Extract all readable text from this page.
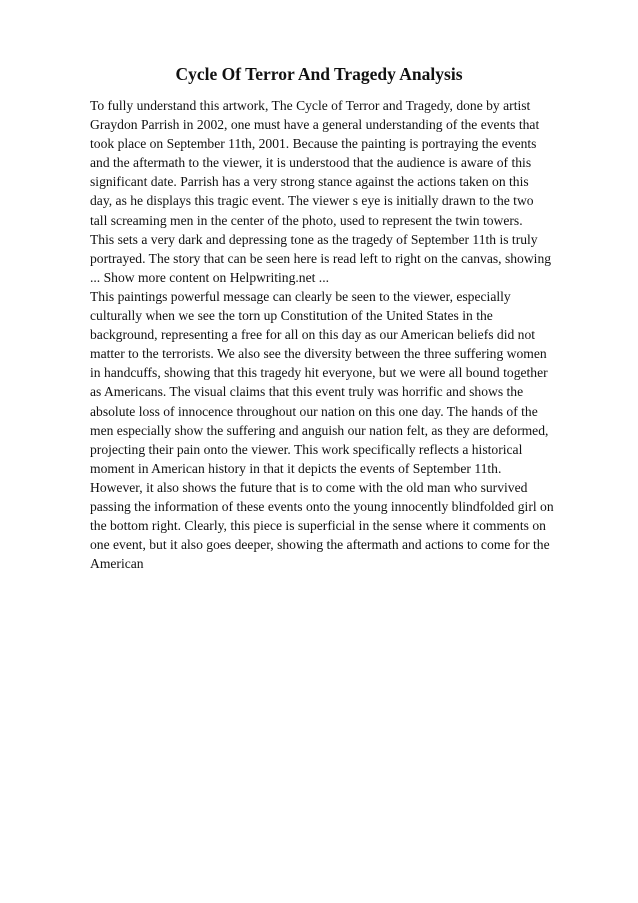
Cycle Of Terror And Tragedy Analysis
To fully understand this artwork, The Cycle of Terror and Tragedy, done by artist
Graydon Parrish in 2002, one must have a general understanding of the events that
took place on September 11th, 2001. Because the painting is portraying the events
and the aftermath to the viewer, it is understood that the audience is aware of this
significant date. Parrish has a very strong stance against the actions taken on this
day, as he displays this tragic event. The viewer s eye is initially drawn to the two
tall screaming men in the center of the photo, used to represent the twin towers.
This sets a very dark and depressing tone as the tragedy of September 11th is truly
portrayed. The story that can be seen here is read left to right on the canvas, showing
... Show more content on Helpwriting.net ...
This paintings powerful message can clearly be seen to the viewer, especially
culturally when we see the torn up Constitution of the United States in the
background, representing a free for all on this day as our American beliefs did not
matter to the terrorists. We also see the diversity between the three suffering women
in handcuffs, showing that this tragedy hit everyone, but we were all bound together
as Americans. The visual claims that this event truly was horrific and shows the
absolute loss of innocence throughout our nation on this one day. The hands of the
men especially show the suffering and anguish our nation felt, as they are deformed,
projecting their pain onto the viewer. This work specifically reflects a historical
moment in American history in that it depicts the events of September 11th.
However, it also shows the future that is to come with the old man who survived
passing the information of these events onto the young innocently blindfolded girl on
the bottom right. Clearly, this piece is superficial in the sense where it comments on
one event, but it also goes deeper, showing the aftermath and actions to come for the
American
